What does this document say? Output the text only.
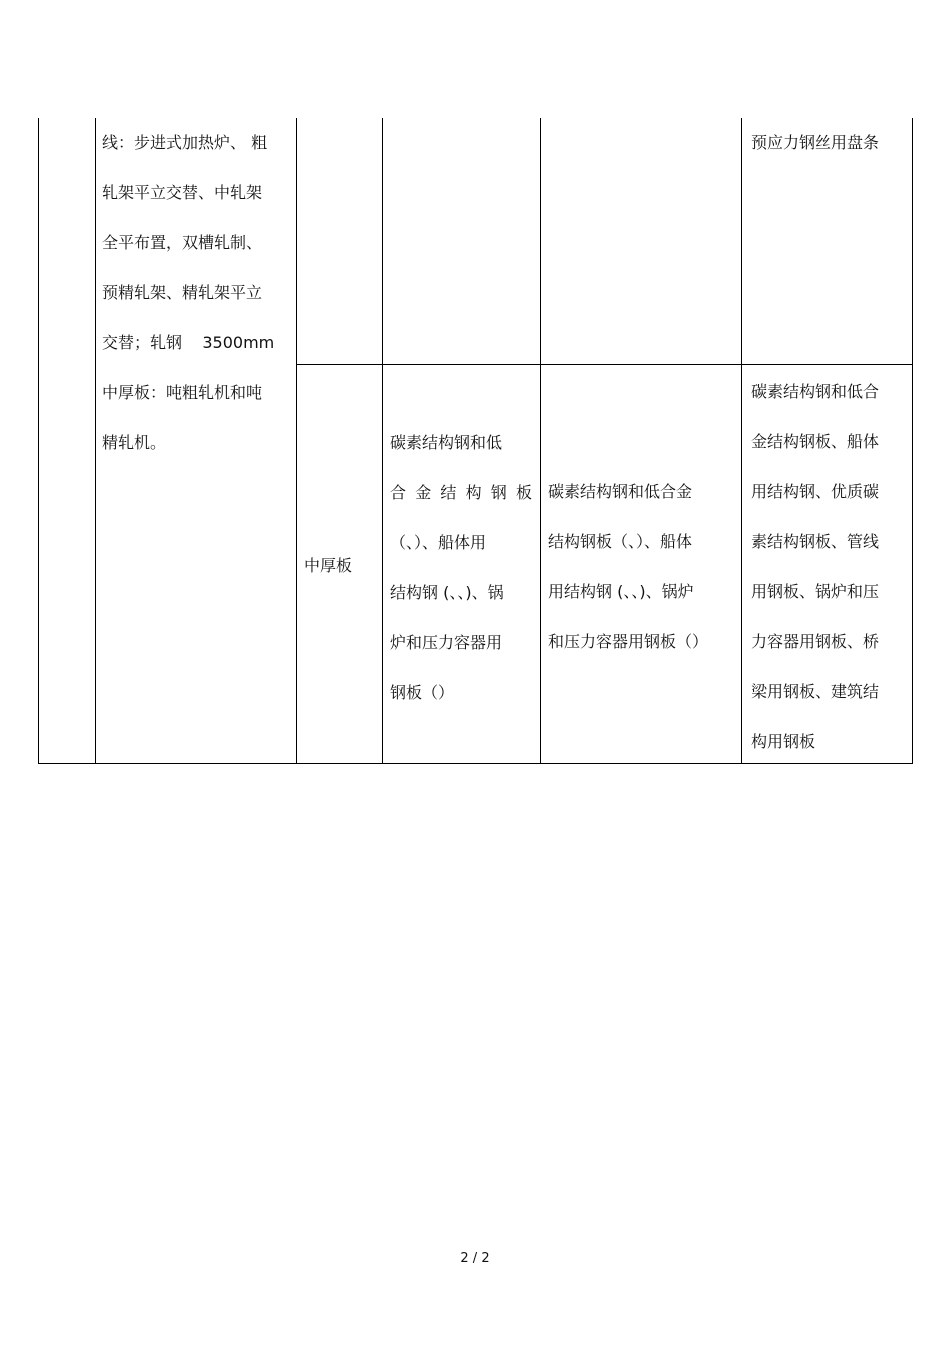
线：步进式加热炉、 粗
轧架平立交替、中轧架
全平布置，双槽轧制、
预精轧架、精轧架平立
交替；轧钢    3500mm
中厚板：吨粗轧机和吨
精轧机。
预应力钢丝用盘条
中厚板
碳素结构钢和低
合 金 结 构 钢 板
（、）、船体用
结构钢 (、、)、锅
炉和压力容器用
钢板（）
碳素结构钢和低合金
结构钢板（、）、船体
用结构钢 (、、)、锅炉
和压力容器用钢板（）
碳素结构钢和低合
金结构钢板、船体
用结构钢、优质碳
素结构钢板、管线
用钢板、锅炉和压
力容器用钢板、桥
梁用钢板、建筑结
构用钢板
2 / 2
